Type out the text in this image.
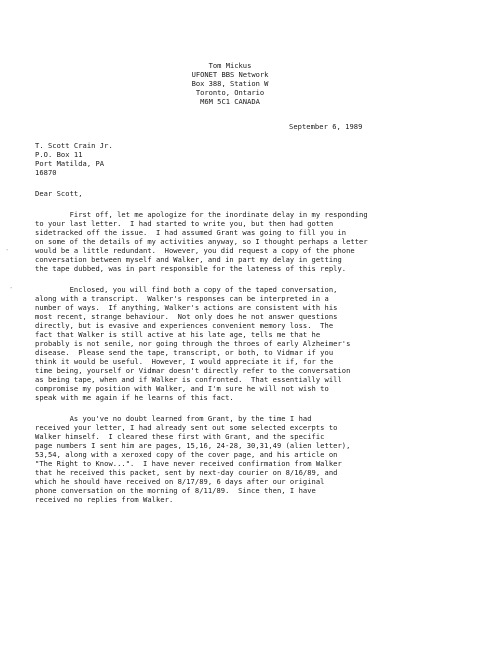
Tom Mickus
UFONET BBS Network
Box 388, Station W
Toronto, Ontario
M6M 5C1 CANADA
September 6, 1989
T. Scott Crain Jr.
P.O. Box 11
Port Matilda, PA
16870
Dear Scott,
˙
˙
First off, let me apologize for the inordinate delay in my responding
to your last letter.  I had started to write you, but then had gotten
sidetracked off the issue.  I had assumed Grant was going to fill you in
on some of the details of my activities anyway, so I thought perhaps a letter
would be a little redundant.  However, you did request a copy of the phone
conversation between myself and Walker, and in part my delay in getting
the tape dubbed, was in part responsible for the lateness of this reply.
Enclosed, you will find both a copy of the taped conversation,
along with a transcript.  Walker's responses can be interpreted in a
number of ways.  If anything, Walker's actions are consistent with his
most recent, strange behaviour.  Not only does he not answer questions
directly, but is evasive and experiences convenient memory loss.  The
fact that Walker is still active at his late age, tells me that he
probably is not senile, nor going through the throes of early Alzheimer's
disease.  Please send the tape, transcript, or both, to Vidmar if you
think it would be useful.  However, I would appreciate it if, for the
time being, yourself or Vidmar doesn't directly refer to the conversation
as being tape, when and if Walker is confronted.  That essentially will
compromise my position with Walker, and I'm sure he will not wish to
speak with me again if he learns of this fact.
As you've no doubt learned from Grant, by the time I had
received your letter, I had already sent out some selected excerpts to
Walker himself.  I cleared these first with Grant, and the specific
page numbers I sent him are pages, 15,16, 24-28, 30,31,49 (alien letter),
53,54, along with a xeroxed copy of the cover page, and his article on
"The Right to Know...".  I have never received confirmation from Walker
that he received this packet, sent by next-day courier on 8/16/89, and
which he should have received on 8/17/89, 6 days after our original
phone conversation on the morning of 8/11/89.  Since then, I have
received no replies from Walker.
